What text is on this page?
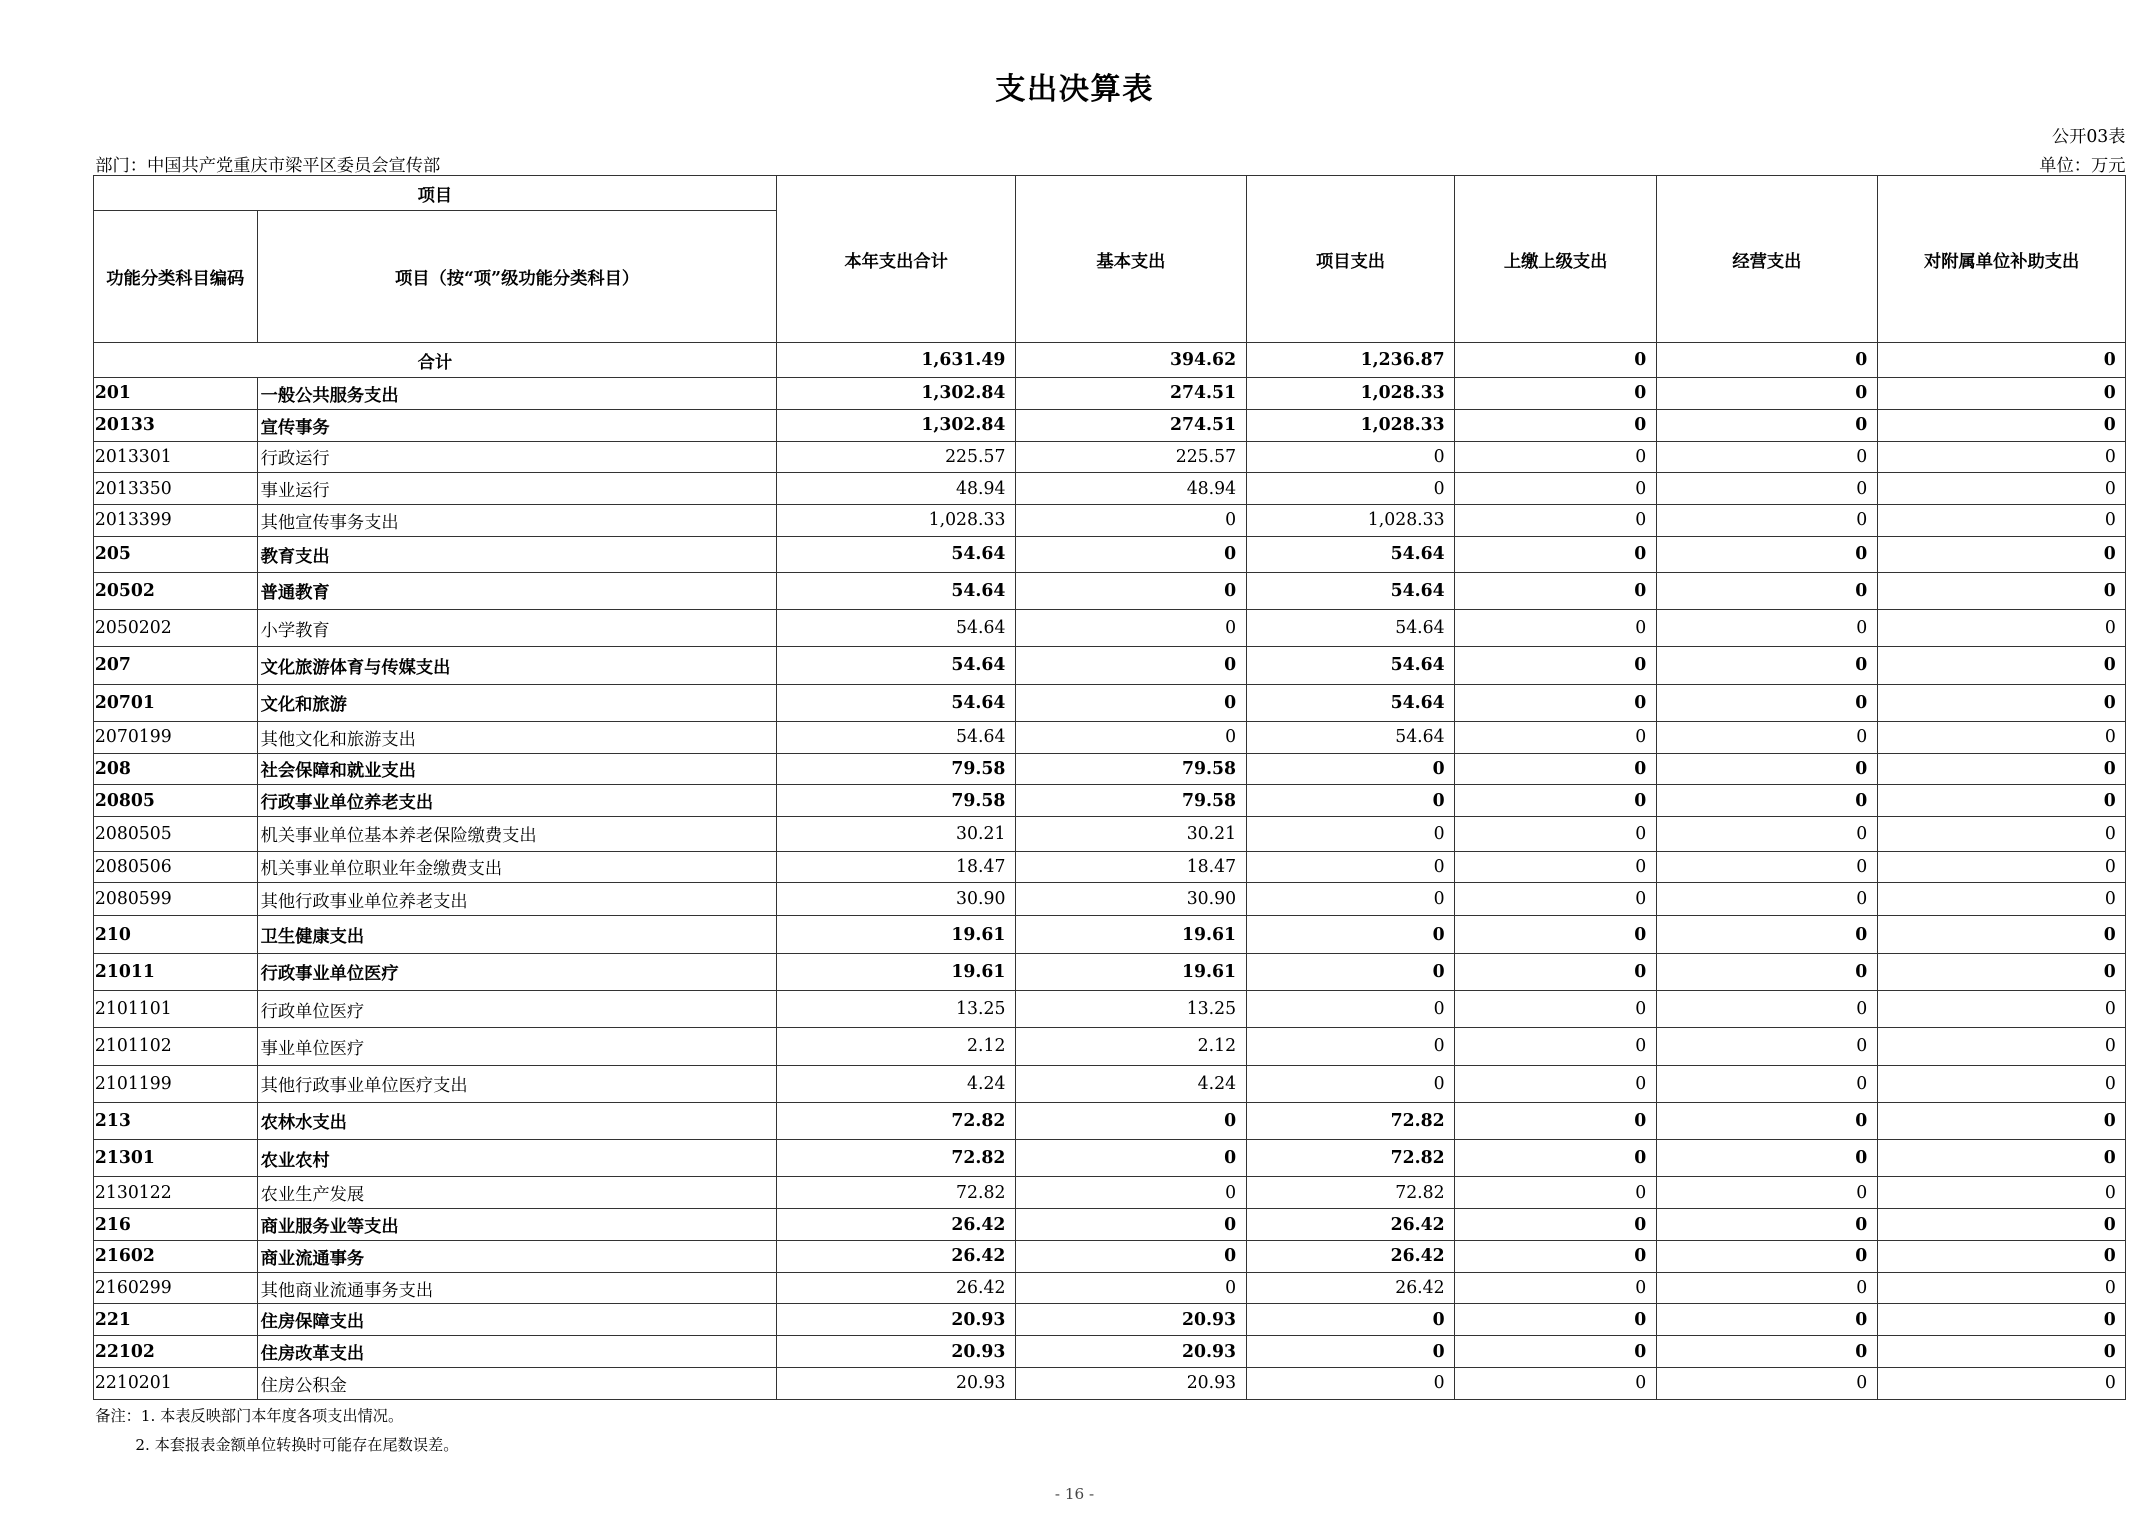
支出决算表
公开03表
部门：中国共产党重庆市梁平区委员会宣传部	单位：万元
项目		本年支出合计	基本支出	项目支出	上缴上级支出	经营支出	对附属单位补助支出
功能分类科目编码	项目（按“项”级功能分类科目）						
合计		1,631.49	394.62	1,236.87	0	0	0
201	一般公共服务支出	1,302.84	274.51	1,028.33	0	0	0
20133	宣传事务	1,302.84	274.51	1,028.33	0	0	0
2013301	行政运行	225.57	225.57	0	0	0	0
2013350	事业运行	48.94	48.94	0	0	0	0
2013399	其他宣传事务支出	1,028.33	0	1,028.33	0	0	0
205	教育支出	54.64	0	54.64	0	0	0
20502	普通教育	54.64	0	54.64	0	0	0
2050202	小学教育	54.64	0	54.64	0	0	0
207	文化旅游体育与传媒支出	54.64	0	54.64	0	0	0
20701	文化和旅游	54.64	0	54.64	0	0	0
2070199	其他文化和旅游支出	54.64	0	54.64	0	0	0
208	社会保障和就业支出	79.58	79.58	0	0	0	0
20805	行政事业单位养老支出	79.58	79.58	0	0	0	0
2080505	机关事业单位基本养老保险缴费支出	30.21	30.21	0	0	0	0
2080506	机关事业单位职业年金缴费支出	18.47	18.47	0	0	0	0
2080599	其他行政事业单位养老支出	30.90	30.90	0	0	0	0
210	卫生健康支出	19.61	19.61	0	0	0	0
21011	行政事业单位医疗	19.61	19.61	0	0	0	0
2101101	行政单位医疗	13.25	13.25	0	0	0	0
2101102	事业单位医疗	2.12	2.12	0	0	0	0
2101199	其他行政事业单位医疗支出	4.24	4.24	0	0	0	0
213	农林水支出	72.82	0	72.82	0	0	0
21301	农业农村	72.82	0	72.82	0	0	0
2130122	农业生产发展	72.82	0	72.82	0	0	0
216	商业服务业等支出	26.42	0	26.42	0	0	0
21602	商业流通事务	26.42	0	26.42	0	0	0
2160299	其他商业流通事务支出	26.42	0	26.42	0	0	0
221	住房保障支出	20.93	20.93	0	0	0	0
22102	住房改革支出	20.93	20.93	0	0	0	0
2210201	住房公积金	20.93	20.93	0	0	0	0
备注：1. 本表反映部门本年度各项支出情况。
2. 本套报表金额单位转换时可能存在尾数误差。
- 16 -
